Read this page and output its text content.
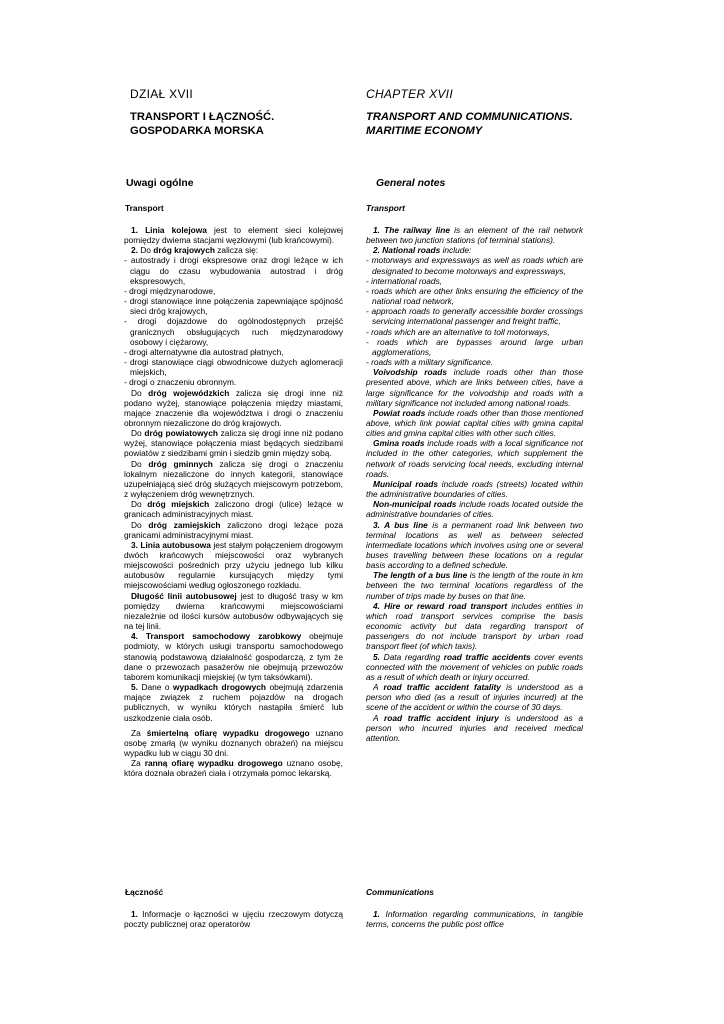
DZIAŁ XVII
TRANSPORT I ŁĄCZNOŚĆ.
GOSPODARKA MORSKA
Uwagi ogólne
Transport

1. Linia kolejowa jest to element sieci kolejowej pomiędzy dwiema stacjami węzłowymi (lub krańcowymi).

2. Do dróg krajowych zalicza się:

- autostrady i drogi ekspresowe oraz drogi leżące w ich ciągu do czasu wybudowania autostrad i dróg ekspresowych,

- drogi międzynarodowe,

- drogi stanowiące inne połączenia zapewniające spójność sieci dróg krajowych,

- drogi dojazdowe do ogólnodostępnych przejść granicznych obsługujących ruch międzynarodowy osobowy i ciężarowy,

- drogi alternatywne dla autostrad płatnych,

- drogi stanowiące ciągi obwodnicowe dużych aglomeracji miejskich,

- drogi o znaczeniu obronnym.

Do dróg wojewódzkich zalicza się drogi inne niż podano wyżej, stanowiące połączenia między miastami, mające znaczenie dla województwa i drogi o znaczeniu obronnym niezaliczone do dróg krajowych.

Do dróg powiatowych zalicza się drogi inne niż podano wyżej, stanowiące połączenia miast będących siedzibami powiatów z siedzibami gmin i siedzib gmin między sobą.

Do dróg gminnych zalicza się drogi o znaczeniu lokalnym niezaliczone do innych kategorii, stanowiące uzupełniającą sieć dróg służących miejscowym potrzebom, z wyłączeniem dróg wewnętrznych.

Do dróg miejskich zaliczono drogi (ulice) leżące w granicach administracyjnych miast.

Do dróg zamiejskich zaliczono drogi leżące poza granicami administracyjnymi miast.

3. Linia autobusowa jest stałym połączeniem drogowym dwóch krańcowych miejscowości oraz wybranych miejscowości pośrednich przy użyciu jednego lub kilku autobusów regularnie kursujących między tymi miejscowościami według ogłoszonego rozkładu.

Długość linii autobusowej jest to długość trasy w km pomiędzy dwiema krańcowymi miejscowościami niezależnie od ilości kursów autobusów odbywających się na tej linii.

4. Transport samochodowy zarobkowy obejmuje podmioty, w których usługi transportu samochodowego stanowią podstawową działalność gospodarczą, z tym że dane o przewozach pasażerów nie obejmują przewozów taborem komunikacji miejskiej (w tym taksówkami).

5. Dane o wypadkach drogowych obejmują zdarzenia mające związek z ruchem pojazdów na drogach publicznych, w wyniku których nastąpiła śmierć lub uszkodzenie ciała osób.

Za śmiertelną ofiarę wypadku drogowego uznano osobę zmarłą (w wyniku doznanych obrażeń) na miejscu wypadku lub w ciągu 30 dni.

Za ranną ofiarę wypadku drogowego uznano osobę, która doznała obrażeń ciała i otrzymała pomoc lekarską.

Łączność

1. Informacje o łączności w ujęciu rzeczowym dotyczą poczty publicznej oraz operatorów

CHAPTER XVII
TRANSPORT AND COMMUNICATIONS.
MARITIME ECONOMY
General notes
Transport

1. The railway line is an element of the rail network between two junction stations (of terminal stations).

2. National roads include:

- motorways and expressways as well as roads which are designated to become motorways and expressways,

- international roads,

- roads which are other links ensuring the efficiency of the national road network,

- approach roads to generally accessible border crossings servicing international passenger and freight traffic,

- roads which are an alternative to toll motorways,

- roads which are bypasses around large urban agglomerations,

- roads with a military significance.

Voivodship roads include roads other than those presented above, which are links between cities, have a large significance for the voivodship and roads with a military significance not included among national roads.

Powiat roads include roads other than those mentioned above, which link powiat capital cities with gmina capital cities and gmina capital cities with other such cities.

Gmina roads include roads with a local significance not included in the other categories, which supplement the network of roads servicing local needs, excluding internal roads.

Municipal roads include roads (streets) located within the administrative boundaries of cities.

Non-municipal roads include roads located outside the administrative boundaries of cities.

3. A bus line is a permanent road link between two terminal locations as well as between selected intermediate locations which involves using one or several buses travelling between these locations on a regular basis according to a defined schedule.

The length of a bus line is the length of the route in km between the two terminal locations regardless of the number of trips made by buses on that line.

4. Hire or reward road transport includes entities in which road transport services comprise the basis economic activity but data regarding transport of passengers do not include transport by urban road transport fleet (of which taxis).

5. Data regarding road traffic accidents cover events connected with the movement of vehicles on public roads as a result of which death or injury occurred.

A road traffic accident fatality is understood as a person who died (as a result of injuries incurred) at the scene of the accident or within the course of 30 days.

A road traffic accident injury is understood as a person who incurred injuries and received medical attention.

Communications

1. Information regarding communications, in tangible terms, concerns the public post office
